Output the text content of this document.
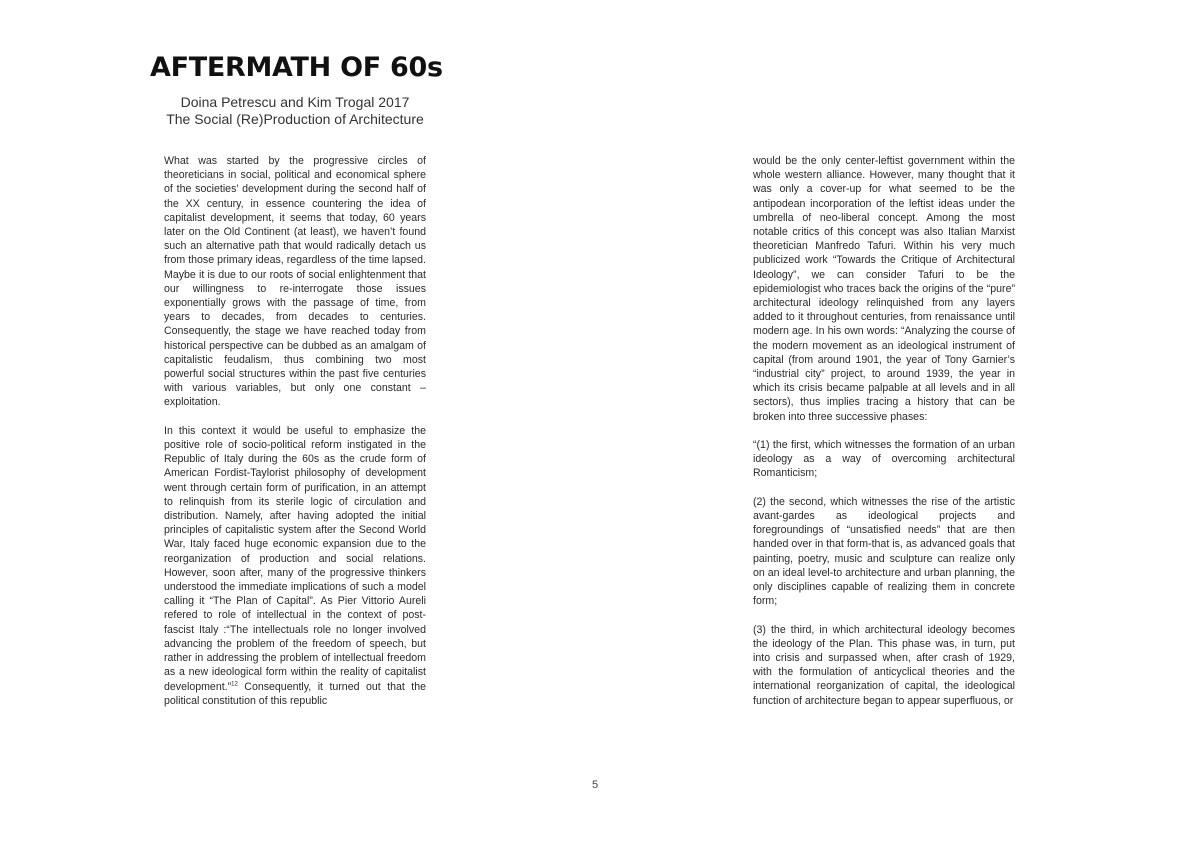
AFTERMATH OF 60s
Doina Petrescu and Kim Trogal 2017
The Social (Re)Production of Architecture

What was started by the progressive circles of theoreticians in social, political and economical sphere of the societies’ development during the second half of the XX century, in essence countering the idea of capitalist development, it seems that today, 60 years later on the Old Continent (at least), we haven’t found such an alternative path that would radically detach us from those primary ideas, regardless of the time lapsed. Maybe it is due to our roots of social enlightenment that our willingness to re-interrogate those issues exponentially grows with the passage of time, from years to decades, from decades to centuries. Consequently, the stage we have reached today from historical perspective can be dubbed as an amalgam of capitalistic feudalism, thus combining two most powerful social structures within the past five centuries with various variables, but only one constant – exploitation.

In this context it would be useful to emphasize the positive role of socio-political reform instigated in the Republic of Italy during the 60s as the crude form of American Fordist-Taylorist philosophy of development went through certain form of purification, in an attempt to relinquish from its sterile logic of circulation and distribution. Namely, after having adopted the initial principles of capitalistic system after the Second World War, Italy faced huge economic expansion due to the reorganization of production and social relations. However, soon after, many of the progressive thinkers understood the immediate implications of such a model calling it “The Plan of Capital”. As Pier Vittorio Aureli refered to role of intellectual in the context of post-fascist Italy :“The intellectuals role no longer involved advancing the problem of the freedom of speech, but rather in addressing the problem of intellectual freedom as a new ideological form within the reality of capitalist development.”$^{12}$ Consequently, it turned out that the political constitution of this republic

would be the only center-leftist government within the whole western alliance. However, many thought that it was only a cover-up for what seemed to be the antipodean incorporation of the leftist ideas under the umbrella of neo-liberal concept. Among the most notable critics of this concept was also Italian Marxist theoretician Manfredo Tafuri. Within his very much publicized work “Towards the Critique of Architectural Ideology”, we can consider Tafuri to be the epidemiologist who traces back the origins of the “pure” architectural ideology relinquished from any layers added to it throughout centuries, from renaissance until modern age. In his own words: “Analyzing the course of the modern movement as an ideological instrument of capital (from around 1901, the year of Tony Garnier’s “industrial city” project, to around 1939, the year in which its crisis became palpable at all levels and in all sectors), thus implies tracing a history that can be broken into three successive phases:

“(1) the first, which witnesses the formation of an urban ideology as a way of overcoming architectural Romanticism;

(2) the second, which witnesses the rise of the artistic avant-gardes as ideological projects and foregroundings of “unsatisfied needs” that are then handed over in that form-that is, as advanced goals that painting, poetry, music and sculpture can realize only on an ideal level-to architecture and urban planning, the only disciplines capable of realizing them in concrete form;

(3) the third, in which architectural ideology becomes the ideology of the Plan. This phase was, in turn, put into crisis and surpassed when, after crash of 1929, with the formulation of anticyclical theories and the international reorganization of capital, the ideological function of architecture began to appear superfluous, or

5
